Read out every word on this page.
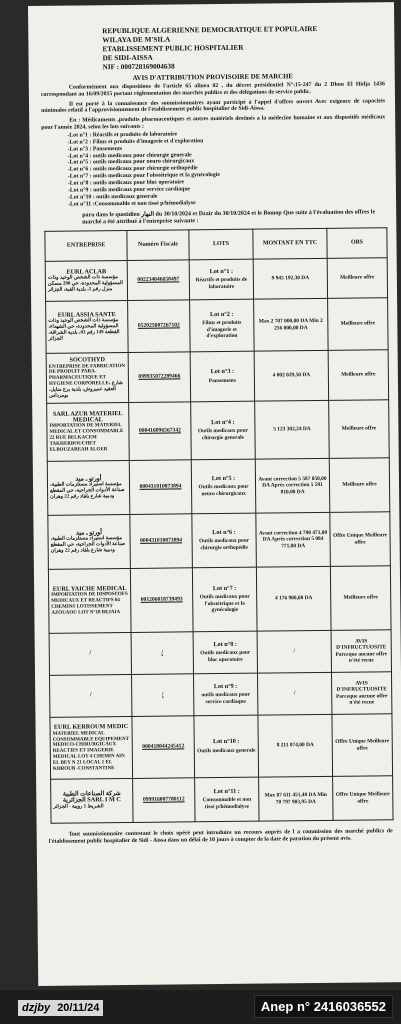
REPUBLIQUE ALGERIENNE DEMOCRATIQUE ET POPULAIRE
WILAYA DE M'SILA
ETABLISSEMENT PUBLIC HOSPITALIER
DE SIDI-AISSA
NIF : 000728169004638
AVIS D'ATTRIBUTION PROVISOIRE DE MARCHE

Conformément aux dispositions de l'article 65 alinea 02 , du décret présidentiel N°:15-247 du 2 Dhou El Hidja 1436 correspondant au 16/09/2015 portant réglementation des marchés publics et des délégations de service public.

Il est porté à la connaissance des soumissionnaires ayant participé à l'appel d'offres ouvert Avec exigence de capacités minimales relatif a l'approvisionnement de l'établissement public hospitalier de Sidi-Aissa.

En : Médicaments ,produits pharmaceutiques et autres matériels destinés a la médecine humaine et aux dispositifs médicaux pour l'année 2024, selon les lots suivants :

-Lot n°1 : Réactifs et produits de laboratoire
-Lot n°2 : Films et produits d'imagerie et d'exploration
-Lot n°3 : Pansements
-Lot n°4 : outils medicaux pour chirurgie generale
-Lot n°5 : outils medicaux pour neuro chirurgicaux
-Lot n°6 : outils medicaux pour chirurgie orthopédie
-Lot n°7 : outils medicaux pour l'obstétrique et la gynécologie
-Lot n°8 : outils medicaux pour bloc operatoire
-Lot n°9 : outils medicaux pour service cardiaque
-Lot n°10 : outils medicaux generale
-Lot n°11 :Consommable et non tissé p/hémodialyse

paru dans le quotidien النهار du 30/10/2024 et Dzair du 30/10/2024 et le Bomop Que suite à l'évaluation des offres le marché a été attribué à l'entreprise suivante :

ENTREPRISE	Numéro Fiscale	LOTS	MONTANT EN TTC	OBS

EURL ACLAB
مؤسسة ذات الشخص الوحيد وذات المسؤولية المحدودة، حي 200 مسكن منزل رقم 5، بلدية القبة، الجزائر	002234046658497	Lot n°1 :
Réactifs et produits de laboratoire	9 945 192,30 DA	Meilleure offre

EURL ASSIA SANTE
مؤسسة ذات الشخص الوحيد وذات المسؤولية المحدودة، حي الشهداء، القطعة 149 رقم 03، بلدية الشراقة، الجزائر	052025007267102	Lot n°2 :
Films et produits d'imagerie et d'exploration	Max 2 707 000,00 DA Min 2 256 000,00 DA	Meilleure offre

SOCOTHYD
ENTREPRISE DE FABRICATION DE PRODUIT PARA-PHARMACEUTIQUE ET HYGIENE CORPORELLE، شارع العقيد عميروش، بلدية برج منايل، بومرداس	099935072289466	Lot n°3 :
Pansements	4 002 029,50 DA	Meilleure offre

SARL AZUR MATERIEL MEDICAL
IMPORTATION DE MATERIEL MEDICAL ET CONSOMMABLE 22 RUE BELKACEM TAKHERBOUCHET ELBOUZAREAH ALGER	000416096567342	Lot n°4 :
Outils medicaux pour chirurgie generale	5 123 302,24 DA	Meilleure offre

أورتو ـ ميد
مؤسسة استيراد مستلزمات الطبية، صناعة الأدوات الجراحية، حي المقطع ودمية شارع بلقاد رقم 22 وهران	000431010873894	Lot n°5 :
Outils medicaux pour neuro chirurgicaux	Avant correction 5 587 050,00 DA Après correction 5 591 810,00 DA	Meilleure offre

أورتو ـ ميد
مؤسسة استيراد مستلزمات الطبية، صناعة الأدوات الجراحية، حي المقطع ودمية شارع بلقاد رقم 22 وهران	000431010873894	Lot n°6 :
Outils medicaux pour chirurgie orthopédie	Avant correction 4 790 471,00 DA Après correction 5 084 771,00 DA	Offre Unique Meilleure offre

EURL YAICHE MEDICAL
IMPORTATION DE DISPOSITIFS MEDICAUX ET REACTIFS 04 CHEMINS LOTISSEMENT AZOUAOU LOT N°18 BEJAIA	001206018739493	Lot n°7 :
Outils medicaux pour l'obstétrique et la gynécologie	4 176 900,00 DA	Meilleure offre

/	/	Lot n°8 :
Outils medicaux pour bloc operatoire	/	AVIS D'INFRUCTUOSITE Parceque aucune offre n'été recue

/	/	Lot n°9 :
outils medicaux pour service cardiaque	/	AVIS D'INFRUCTUOSITE Parceque aucune offre n'été recue

EURL KERROUM MEDIC
MATERIEL MEDICAL CONSOMMABLE EQUIPEMENT MEDICO-CHIRURGICAUX REACTIFS ET IMAGERIE MEDICAL LOT 4 CHEMIN AIN EL BEY N 21 LOCAL 1 EL KHROUB -CONSTANTINE	000418044245412	Lot n°10 :
Outils medicaux generale	8 211 074,00 DA	Offre Unique Meilleure offre

شركة الصناعات الطبية الجزائرية SARL I M C
الشريط 1 رويبة - الجزائر	099916007780112	Lot n°11 :
Consommable et non tissé p/hémodialyse	Max 87 611 451,48 DA Min 70 797 903,95 DA	Offre Unique Meilleure offre

Tout soumissionnaire contestant le choix opéré peut introduire un recours auprès de l a commission des marché publics de l'établissement public hospitalier de Sidi - Aissa dans un délai de 10 jours à compter de la date de parution du présent avis.

dzjby 20/11/24	Anep n° 2416036552
